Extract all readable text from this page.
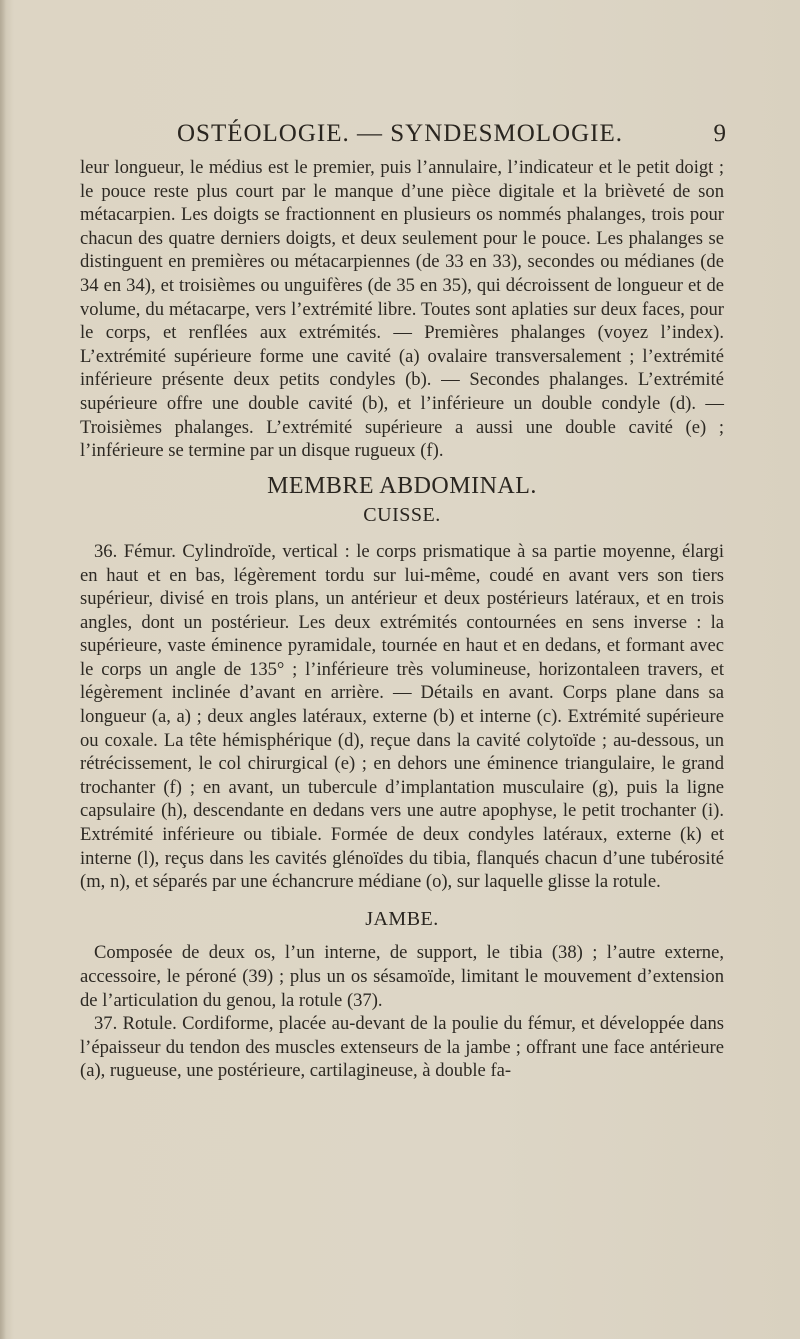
OSTÉOLOGIE. — SYNDESMOLOGIE.	9

leur longueur, le médius est le premier, puis l’annulaire, l’indicateur et le petit doigt ; le pouce reste plus court par le manque d’une pièce digitale et la brièveté de son métacarpien. Les doigts se fractionnent en plusieurs os nommés phalanges, trois pour chacun des quatre derniers doigts, et deux seulement pour le pouce. Les phalanges se distinguent en premières ou métacarpiennes (de 33 en 33), secondes ou médianes (de 34 en 34), et troisièmes ou unguifères (de 35 en 35), qui décroissent de longueur et de volume, du métacarpe, vers l’extrémité libre. Toutes sont aplaties sur deux faces, pour le corps, et renflées aux extrémités. — Premières phalanges (voyez l’index). L’extrémité supérieure forme une cavité (a) ovalaire transversalement ; l’extrémité inférieure présente deux petits condyles (b). — Secondes phalanges. L’extrémité supérieure offre une double cavité (b), et l’inférieure un double condyle (d). — Troisièmes phalanges. L’extrémité supérieure a aussi une double cavité (e) ; l’inférieure se termine par un disque rugueux (f).

MEMBRE ABDOMINAL.
CUISSE.

36. Fémur. Cylindroïde, vertical : le corps prismatique à sa partie moyenne, élargi en haut et en bas, légèrement tordu sur lui-même, coudé en avant vers son tiers supérieur, divisé en trois plans, un antérieur et deux postérieurs latéraux, et en trois angles, dont un postérieur. Les deux extrémités contournées en sens inverse : la supérieure, vaste éminence pyramidale, tournée en haut et en dedans, et formant avec le corps un angle de 135° ; l’inférieure très volumineuse, horizontaleen travers, et légèrement inclinée d’avant en arrière. — Détails en avant. Corps plane dans sa longueur (a, a) ; deux angles latéraux, externe (b) et interne (c). Extrémité supérieure ou coxale. La tête hémisphérique (d), reçue dans la cavité colytoïde ; au-dessous, un rétrécissement, le col chirurgical (e) ; en dehors une éminence triangulaire, le grand trochanter (f) ; en avant, un tubercule d’implantation musculaire (g), puis la ligne capsulaire (h), descendante en dedans vers une autre apophyse, le petit trochanter (i). Extrémité inférieure ou tibiale. Formée de deux condyles latéraux, externe (k) et interne (l), reçus dans les cavités glénoïdes du tibia, flanqués chacun d’une tubérosité (m, n), et séparés par une échancrure médiane (o), sur laquelle glisse la rotule.

JAMBE.

Composée de deux os, l’un interne, de support, le tibia (38) ; l’autre externe, accessoire, le péroné (39) ; plus un os sésamoïde, limitant le mouvement d’extension de l’articulation du genou, la rotule (37).

37. Rotule. Cordiforme, placée au-devant de la poulie du fémur, et développée dans l’épaisseur du tendon des muscles extenseurs de la jambe ; offrant une face antérieure (a), rugueuse, une postérieure, cartilagineuse, à double fa-
